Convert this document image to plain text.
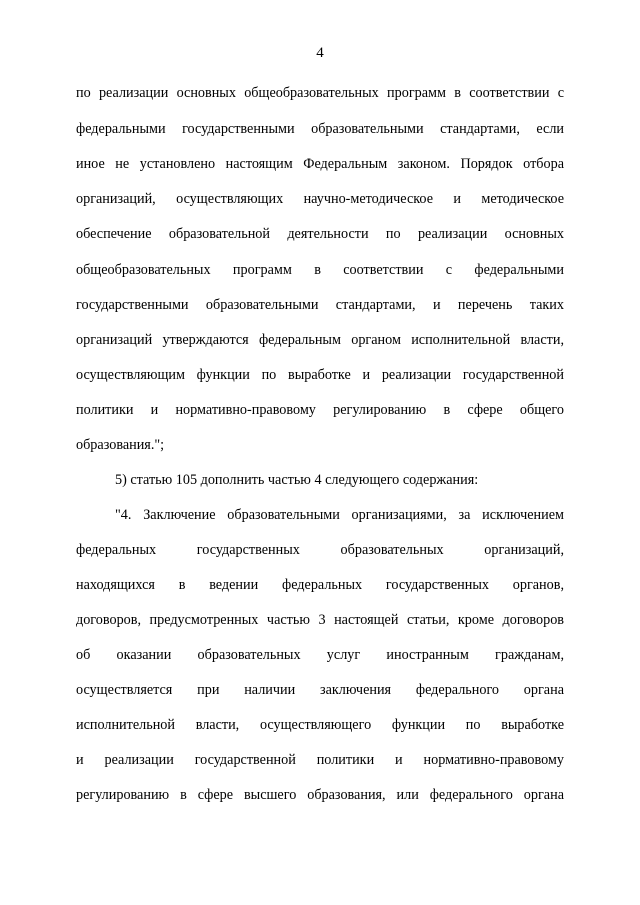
4
по реализации основных общеобразовательных программ в соответствии с
федеральными государственными образовательными стандартами, если
иное не установлено настоящим Федеральным законом. Порядок отбора
организаций, осуществляющих научно-методическое и методическое
обеспечение образовательной деятельности по реализации основных
общеобразовательных программ в соответствии с федеральными
государственными образовательными стандартами, и перечень таких
организаций утверждаются федеральным органом исполнительной власти,
осуществляющим функции по выработке и реализации государственной
политики и нормативно-правовому регулированию в сфере общего
образования.";
5) статью 105 дополнить частью 4 следующего содержания:
"4. Заключение образовательными организациями, за исключением
федеральных государственных образовательных организаций,
находящихся в ведении федеральных государственных органов,
договоров, предусмотренных частью 3 настоящей статьи, кроме договоров
об оказании образовательных услуг иностранным гражданам,
осуществляется при наличии заключения федерального органа
исполнительной власти, осуществляющего функции по выработке
и реализации государственной политики и нормативно-правовому
регулированию в сфере высшего образования, или федерального органа
